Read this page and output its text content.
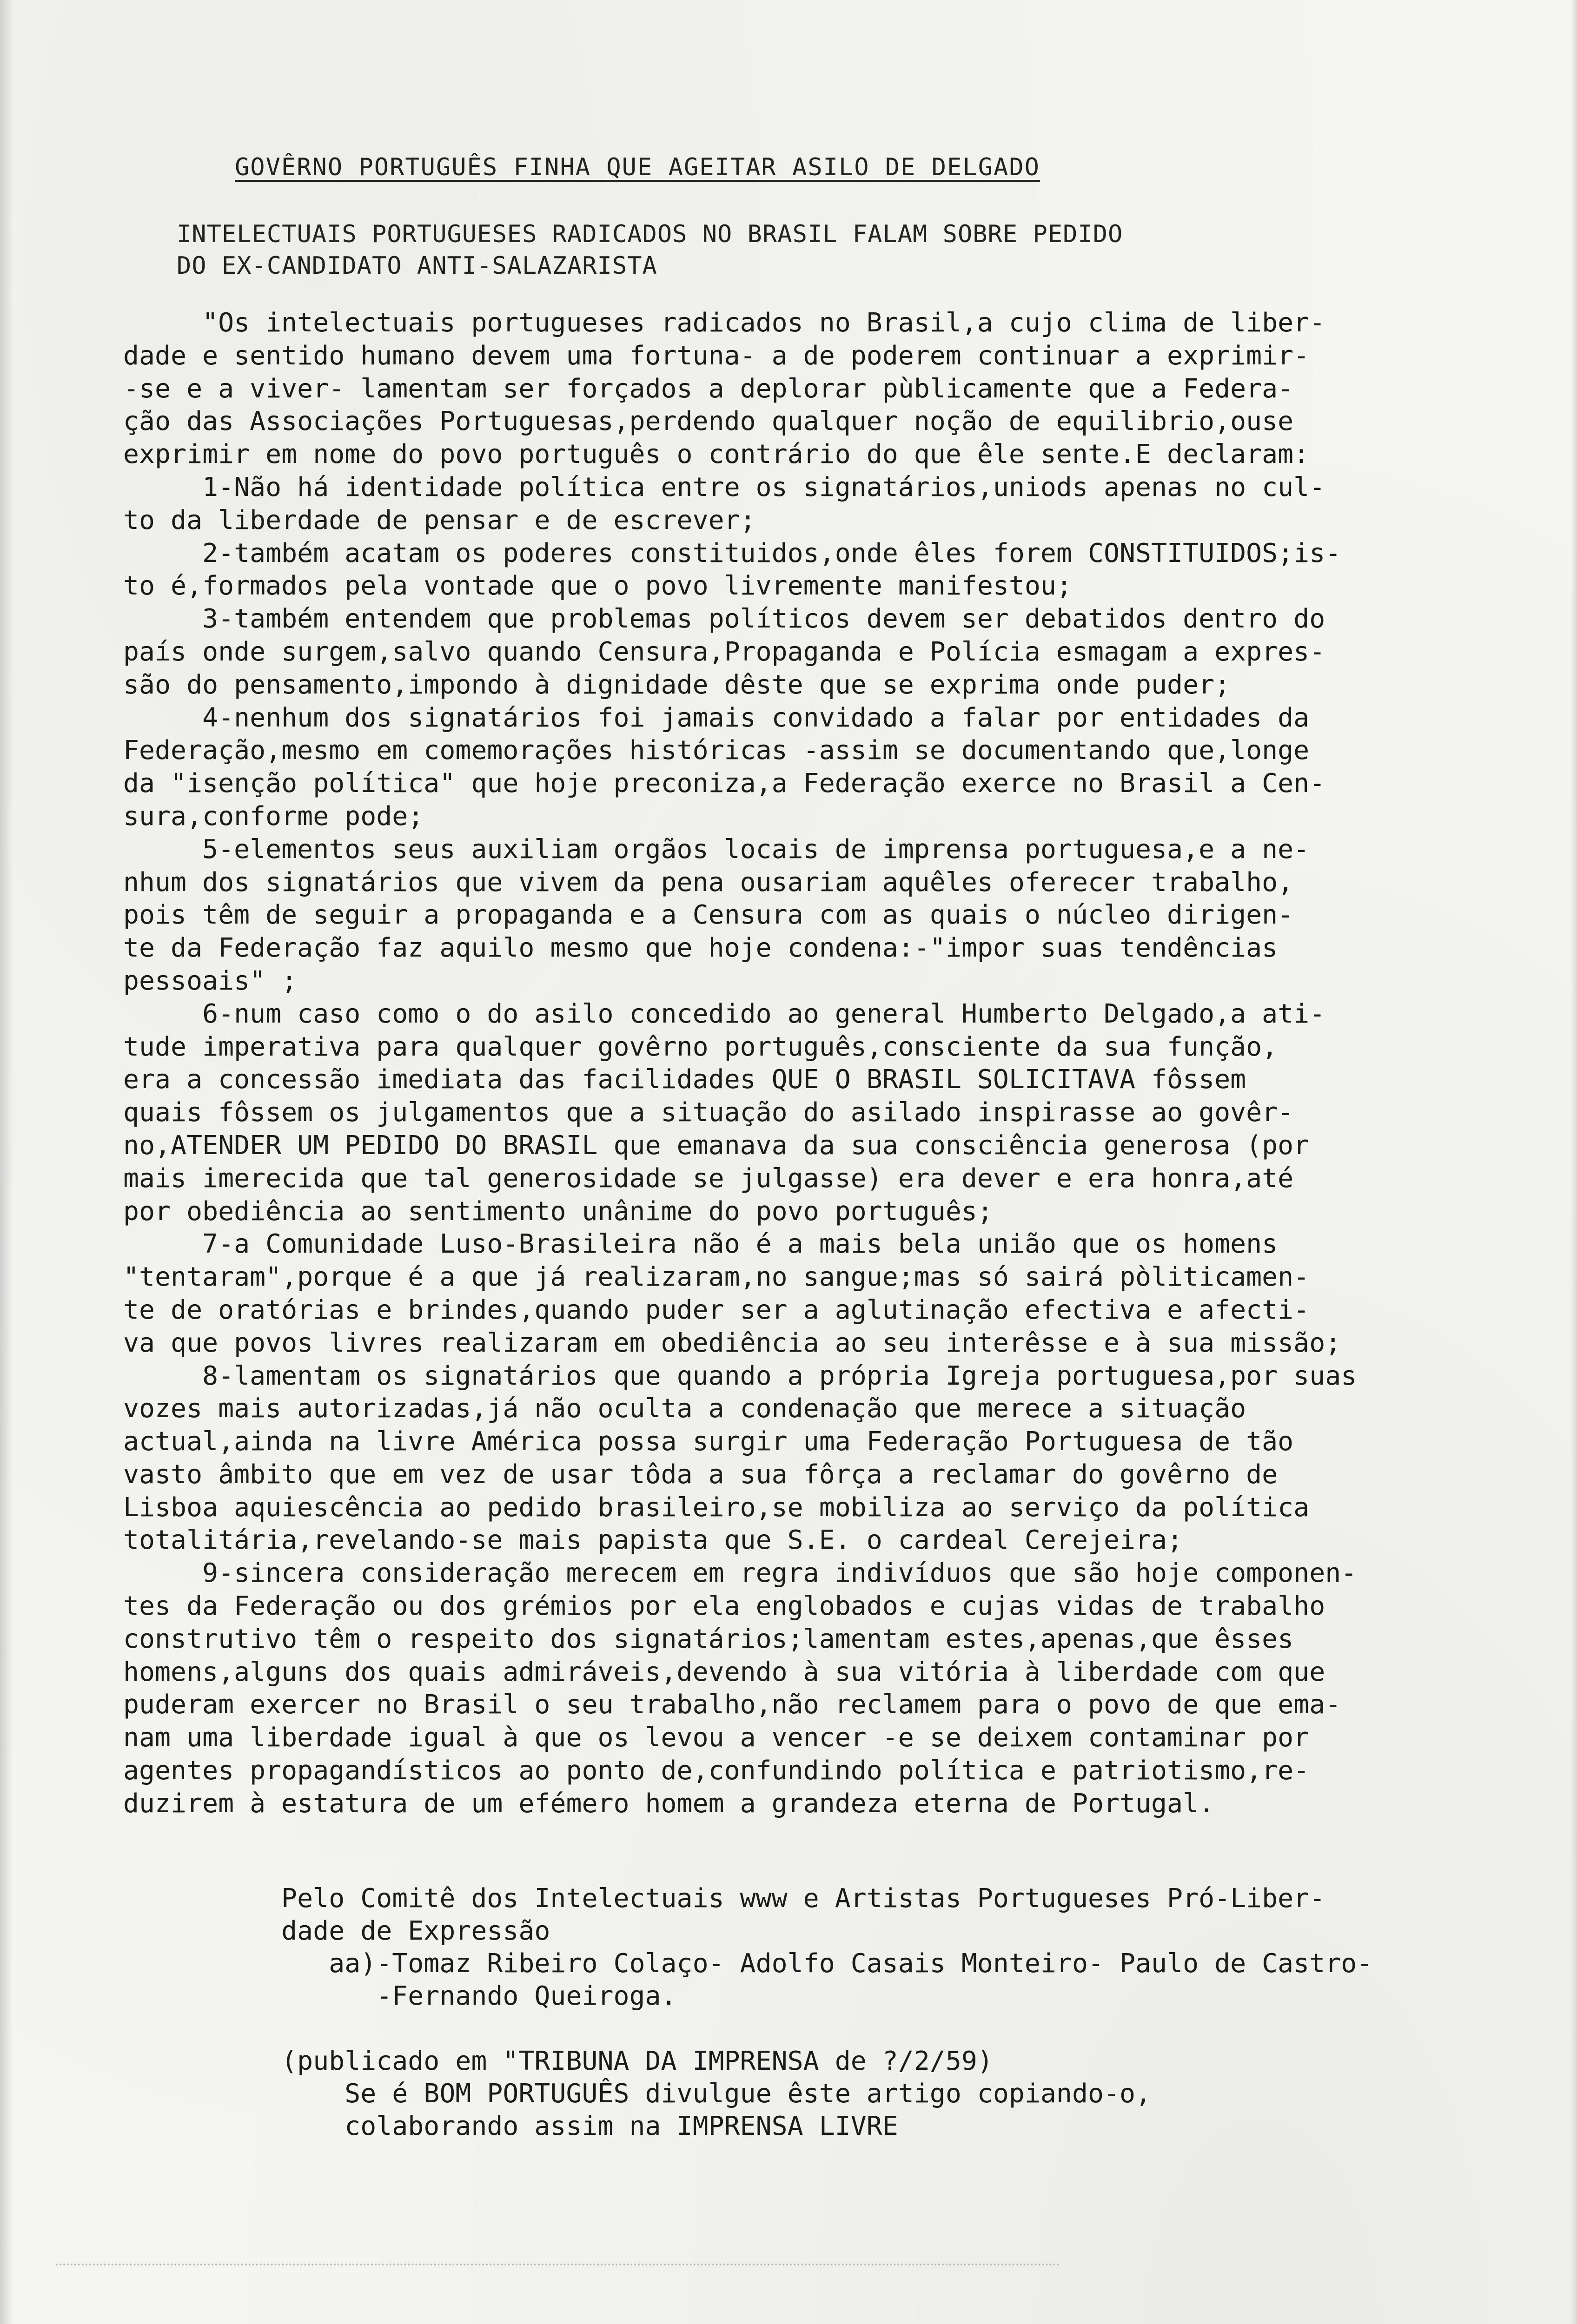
GOVÊRNO PORTUGUÊS FINHA QUE AGEITAR ASILO DE DELGADO
INTELECTUAIS PORTUGUESES RADICADOS NO BRASIL FALAM SOBRE PEDIDO
DO EX-CANDIDATO ANTI-SALAZARISTA
"Os intelectuais portugueses radicados no Brasil,a cujo clima de liber-
dade e sentido humano devem uma fortuna- a de poderem continuar a exprimir-
-se e a viver- lamentam ser forçados a deplorar pùblicamente que a Federa-
ção das Associações Portuguesas,perdendo qualquer noção de equilibrio,ouse
exprimir em nome do povo português o contrário do que êle sente.E declaram:
1-Não há identidade política entre os signatários,uniods apenas no cul-
to da liberdade de pensar e de escrever;
2-também acatam os poderes constituidos,onde êles forem CONSTITUIDOS;is-
to é,formados pela vontade que o povo livremente manifestou;
3-também entendem que problemas políticos devem ser debatidos dentro do
país onde surgem,salvo quando Censura,Propaganda e Polícia esmagam a expres-
são do pensamento,impondo à dignidade dêste que se exprima onde puder;
4-nenhum dos signatários foi jamais convidado a falar por entidades da
Federação,mesmo em comemorações históricas -assim se documentando que,longe
da "isenção política" que hoje preconiza,a Federação exerce no Brasil a Cen-
sura,conforme pode;
5-elementos seus auxiliam orgãos locais de imprensa portuguesa,e a ne-
nhum dos signatários que vivem da pena ousariam aquêles oferecer trabalho,
pois têm de seguir a propaganda e a Censura com as quais o núcleo dirigen-
te da Federação faz aquilo mesmo que hoje condena:-"impor suas tendências
pessoais" ;
6-num caso como o do asilo concedido ao general Humberto Delgado,a ati-
tude imperativa para qualquer govêrno português,consciente da sua função,
era a concessão imediata das facilidades QUE O BRASIL SOLICITAVA fôssem
quais fôssem os julgamentos que a situação do asilado inspirasse ao govêr-
no,ATENDER UM PEDIDO DO BRASIL que emanava da sua consciência generosa (por
mais imerecida que tal generosidade se julgasse) era dever e era honra,até
por obediência ao sentimento unânime do povo português;
7-a Comunidade Luso-Brasileira não é a mais bela união que os homens
"tentaram",porque é a que já realizaram,no sangue;mas só sairá pòliticamen-
te de oratórias e brindes,quando puder ser a aglutinação efectiva e afecti-
va que povos livres realizaram em obediência ao seu interêsse e à sua missão;
8-lamentam os signatários que quando a própria Igreja portuguesa,por suas
vozes mais autorizadas,já não oculta a condenação que merece a situação
actual,ainda na livre América possa surgir uma Federação Portuguesa de tão
vasto âmbito que em vez de usar tôda a sua fôrça a reclamar do govêrno de
Lisboa aquiescência ao pedido brasileiro,se mobiliza ao serviço da política
totalitária,revelando-se mais papista que S.E. o cardeal Cerejeira;
9-sincera consideração merecem em regra indivíduos que são hoje componen-
tes da Federação ou dos grémios por ela englobados e cujas vidas de trabalho
construtivo têm o respeito dos signatários;lamentam estes,apenas,que êsses
homens,alguns dos quais admiráveis,devendo à sua vitória à liberdade com que
puderam exercer no Brasil o seu trabalho,não reclamem para o povo de que ema-
nam uma liberdade igual à que os levou a vencer -e se deixem contaminar por
agentes propagandísticos ao ponto de,confundindo política e patriotismo,re-
duzirem à estatura de um efémero homem a grandeza eterna de Portugal.
Pelo Comitê dos Intelectuais www e Artistas Portugueses Pró-Liber-
dade de Expressão
aa)-Tomaz Ribeiro Colaço- Adolfo Casais Monteiro- Paulo de Castro-
-Fernando Queiroga.
(publicado em "TRIBUNA DA IMPRENSA de ?/2/59)
Se é BOM PORTUGUÊS divulgue êste artigo copiando-o,
colaborando assim na IMPRENSA LIVRE
